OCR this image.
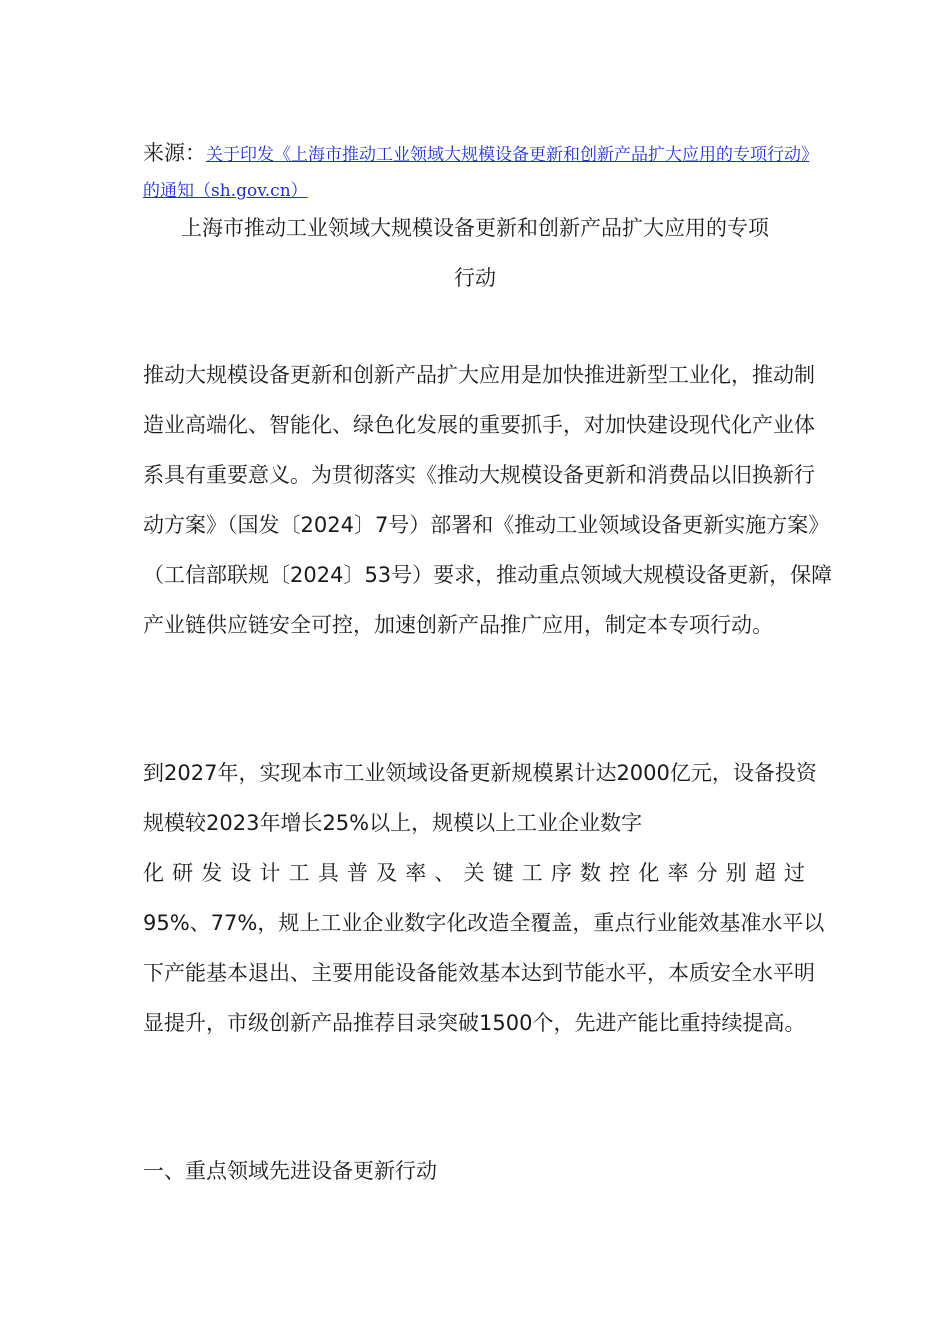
来源：关于印发《上海市推动工业领域大规模设备更新和创新产品扩大应用的专项行动》的通知（sh.gov.cn）
上海市推动工业领域大规模设备更新和创新产品扩大应用的专项
行动

推动大规模设备更新和创新产品扩大应用是加快推进新型工业化，推动制造业高端化、智能化、绿色化发展的重要抓手，对加快建设现代化产业体系具有重要意义。为贯彻落实《推动大规模设备更新和消费品以旧换新行动方案》（国发〔2024〕7号）部署和《推动工业领域设备更新实施方案》（工信部联规〔2024〕53号）要求，推动重点领域大规模设备更新，保障产业链供应链安全可控，加速创新产品推广应用，制定本专项行动。

到2027年，实现本市工业领域设备更新规模累计达2000亿元，设备投资规模较2023年增长25%以上，规模以上工业企业数字
化研发设计工具普及率、关键工序数控化率分别超过
95%、77%，规上工业企业数字化改造全覆盖，重点行业能效基准水平以下产能基本退出、主要用能设备能效基本达到节能水平，本质安全水平明显提升，市级创新产品推荐目录突破1500个，先进产能比重持续提高。

一、重点领域先进设备更新行动
